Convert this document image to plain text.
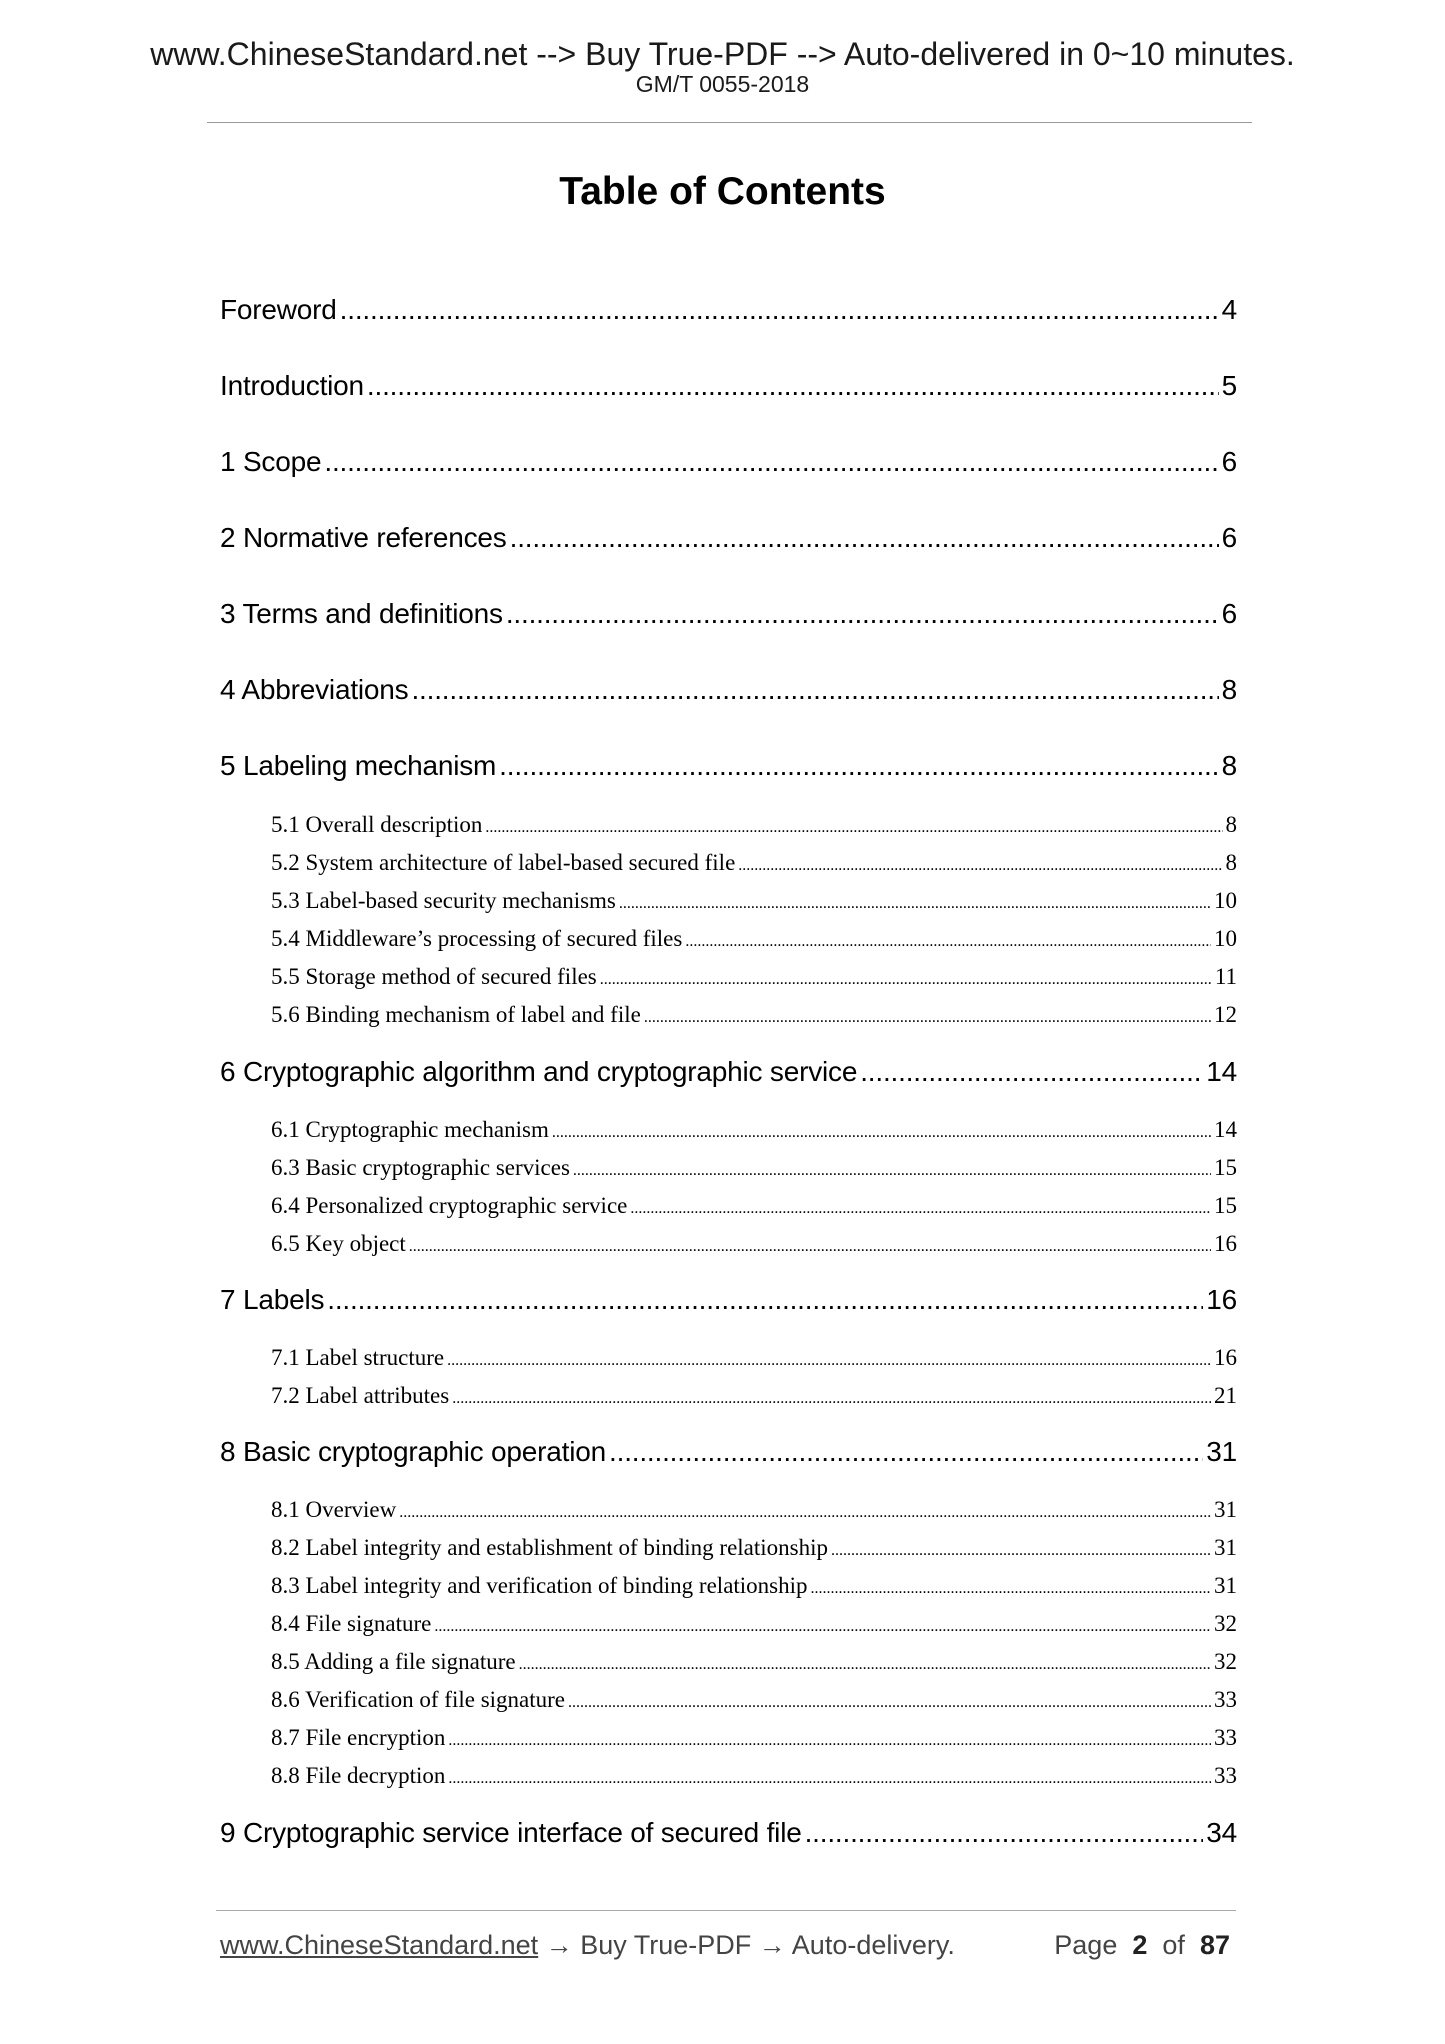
www.ChineseStandard.net --> Buy True-PDF --> Auto-delivered in 0~10 minutes.
GM/T 0055-2018
Table of Contents
Foreword .....	4
Introduction .....	5
1 Scope .....	6
2 Normative references .....	6
3 Terms and definitions .....	6
4 Abbreviations .....	8
5 Labeling mechanism .....	8
5.1 Overall description .....	8
5.2 System architecture of label-based secured file .....	8
5.3 Label-based security mechanisms .....	10
5.4 Middleware’s processing of secured files .....	10
5.5 Storage method of secured files .....	11
5.6 Binding mechanism of label and file .....	12
6 Cryptographic algorithm and cryptographic service .....	14
6.1 Cryptographic mechanism .....	14
6.3 Basic cryptographic services .....	15
6.4 Personalized cryptographic service .....	15
6.5 Key object .....	16
7 Labels .....	16
7.1 Label structure .....	16
7.2 Label attributes .....	21
8 Basic cryptographic operation .....	31
8.1 Overview .....	31
8.2 Label integrity and establishment of binding relationship .....	31
8.3 Label integrity and verification of binding relationship .....	31
8.4 File signature .....	32
8.5 Adding a file signature .....	32
8.6 Verification of file signature .....	33
8.7 File encryption .....	33
8.8 File decryption .....	33
9 Cryptographic service interface of secured file .....	34
www.ChineseStandard.net → Buy True-PDF → Auto-delivery.	Page 2 of 87
